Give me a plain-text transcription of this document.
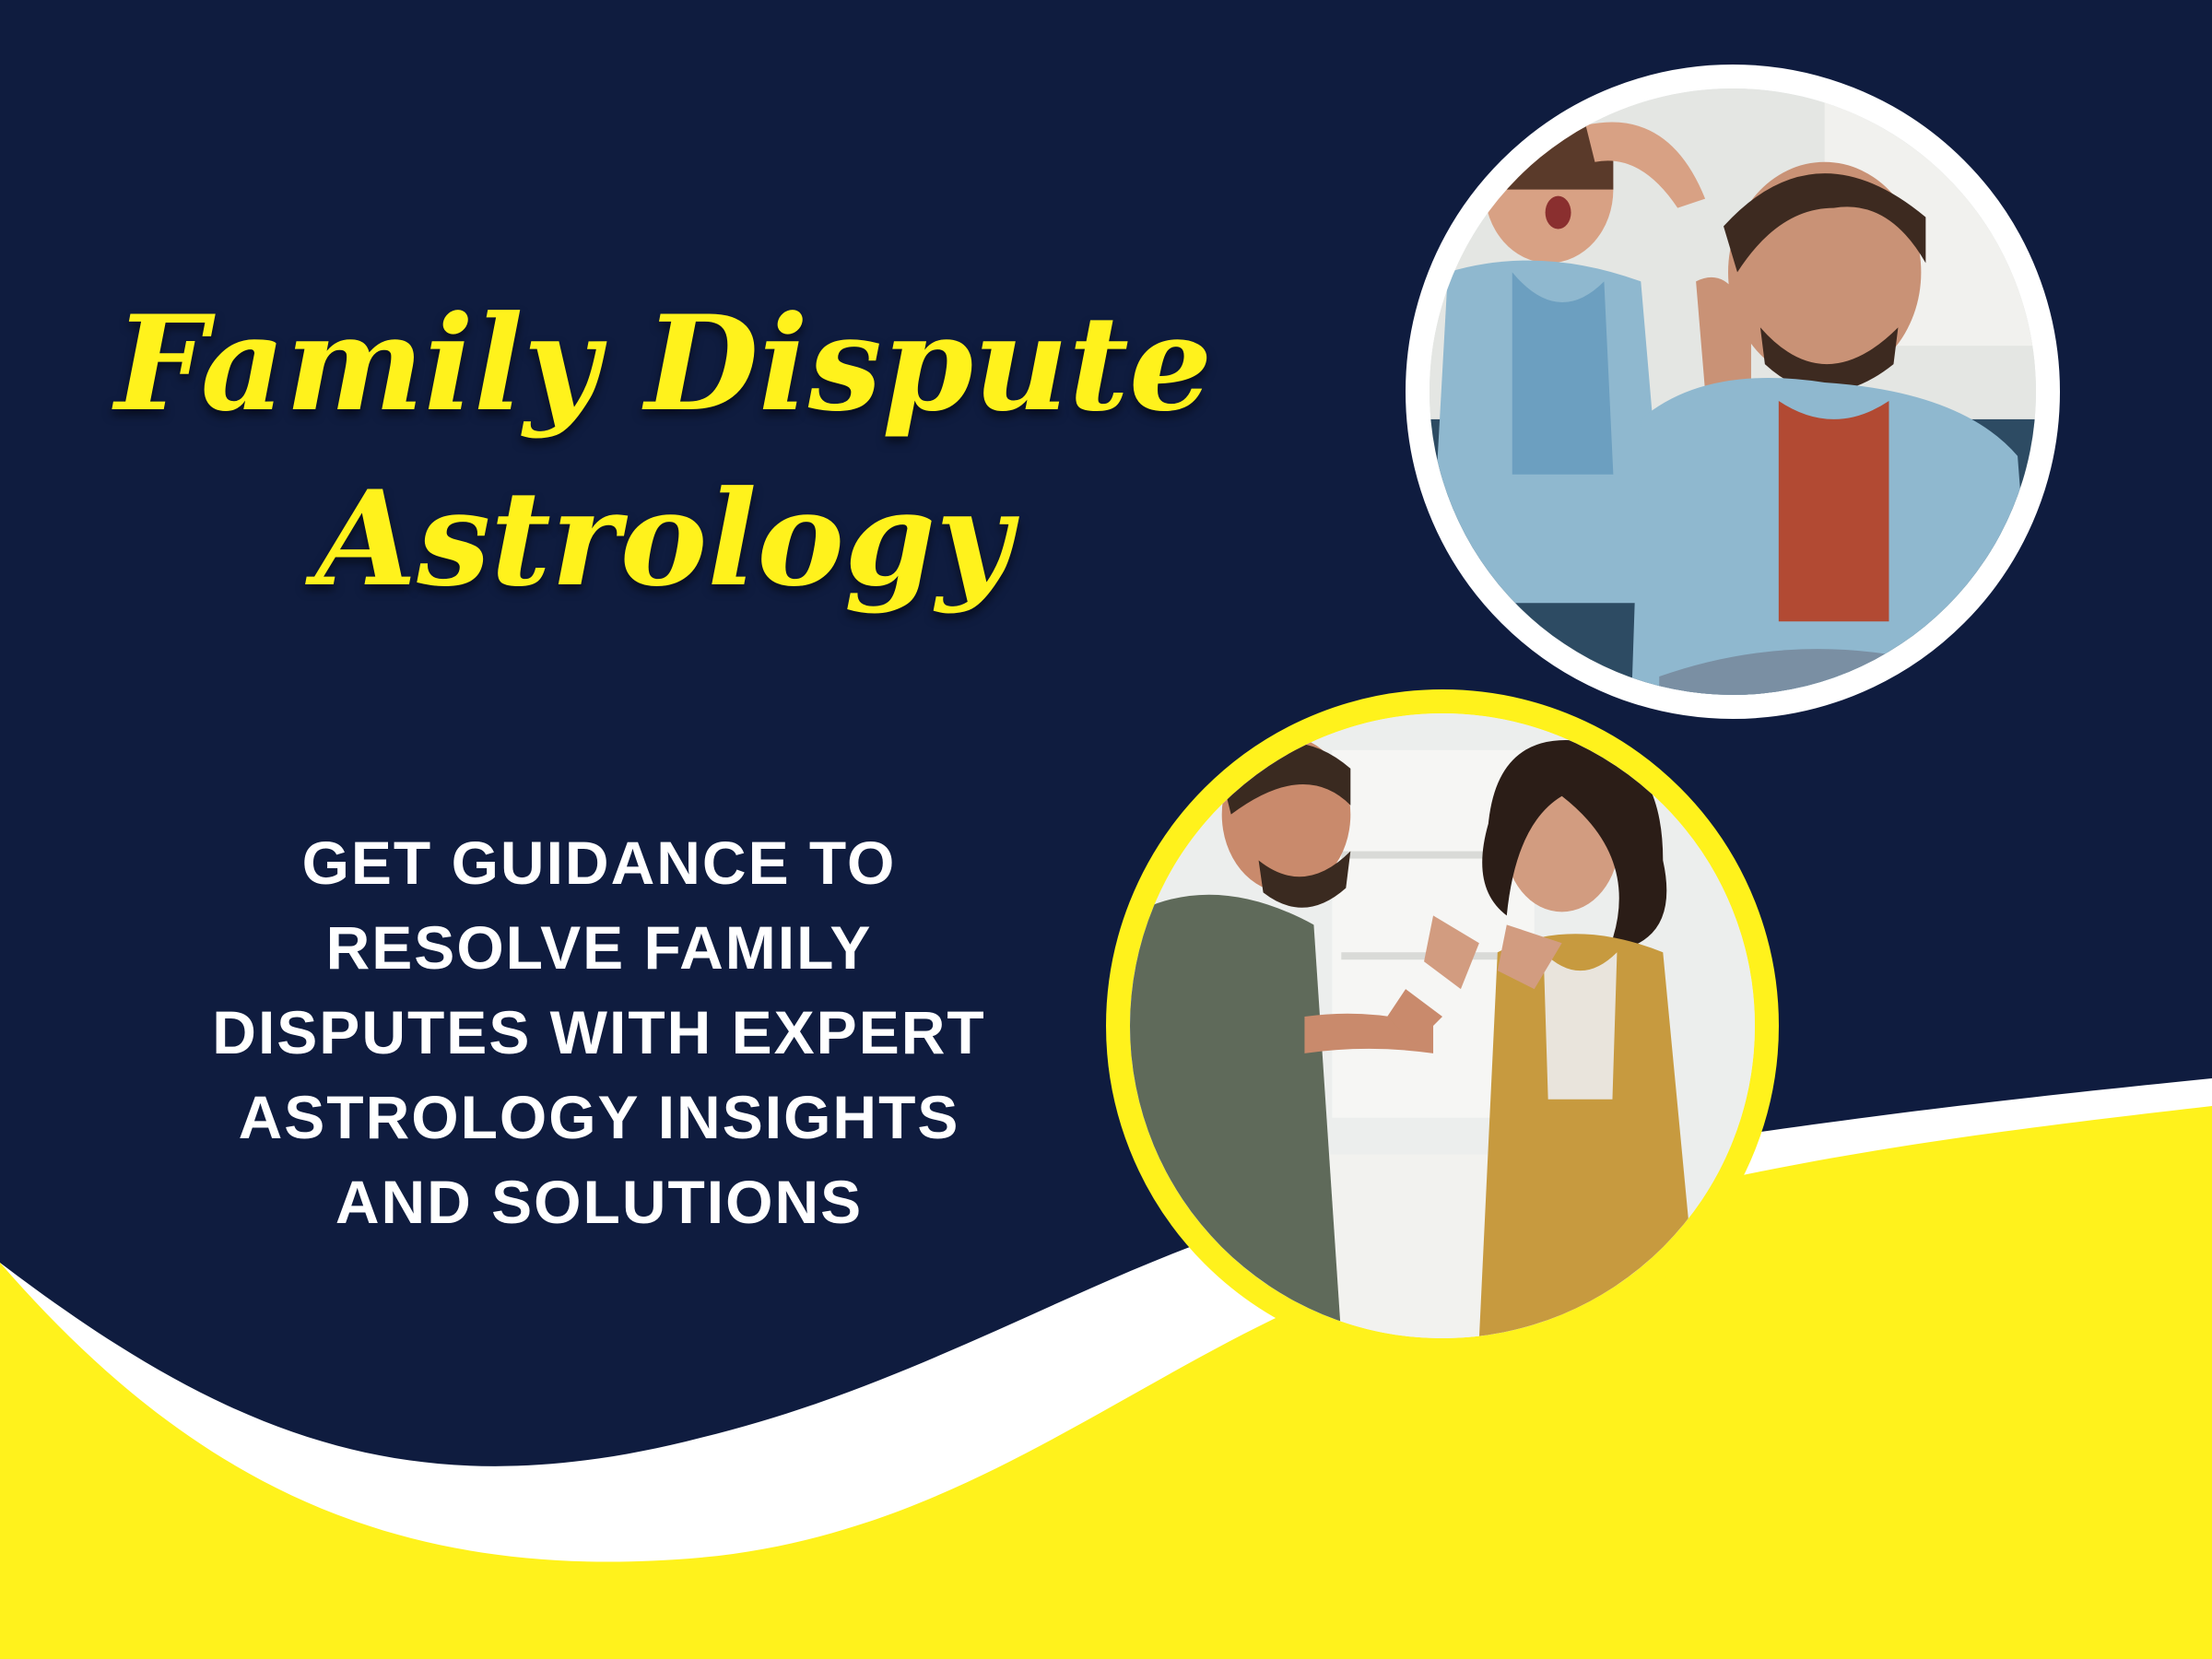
Family Dispute
Astrology

GET GUIDANCE TO
RESOLVE FAMILY
DISPUTES WITH EXPERT
ASTROLOGY INSIGHTS
AND SOLUTIONS
